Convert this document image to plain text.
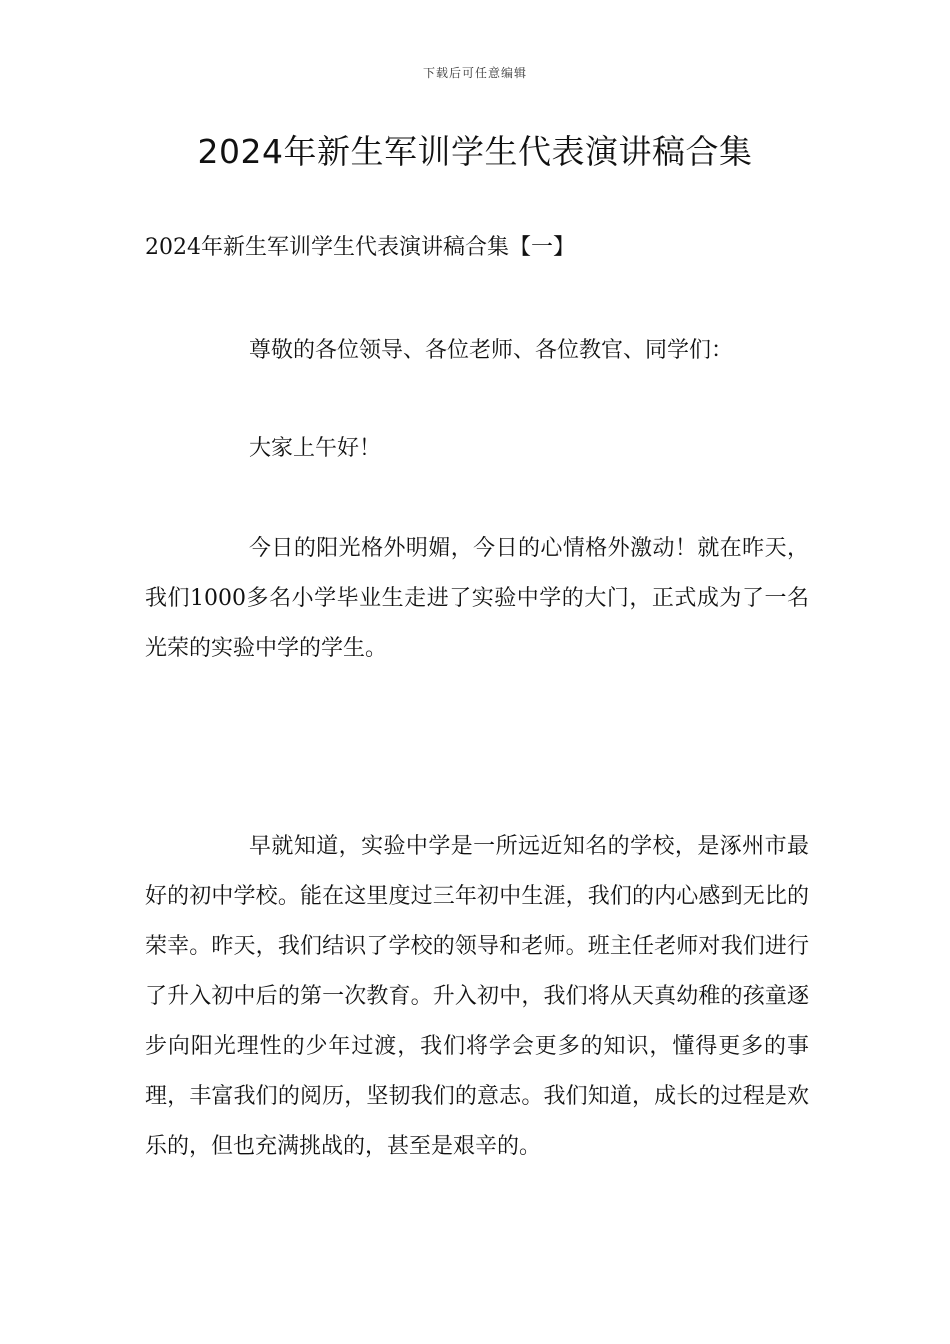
下载后可任意编辑
2024年新生军训学生代表演讲稿合集
2024年新生军训学生代表演讲稿合集【一】

尊敬的各位领导、各位老师、各位教官、同学们：

大家上午好！

今日的阳光格外明媚，今日的心情格外激动！就在昨天，我们1000多名小学毕业生走进了实验中学的大门，正式成为了一名光荣的实验中学的学生。

早就知道，实验中学是一所远近知名的学校，是涿州市最好的初中学校。能在这里度过三年初中生涯，我们的内心感到无比的荣幸。昨天，我们结识了学校的领导和老师。班主任老师对我们进行了升入初中后的第一次教育。升入初中，我们将从天真幼稚的孩童逐步向阳光理性的少年过渡，我们将学会更多的知识，懂得更多的事理，丰富我们的阅历，坚韧我们的意志。我们知道，成长的过程是欢乐的，但也充满挑战的，甚至是艰辛的。
